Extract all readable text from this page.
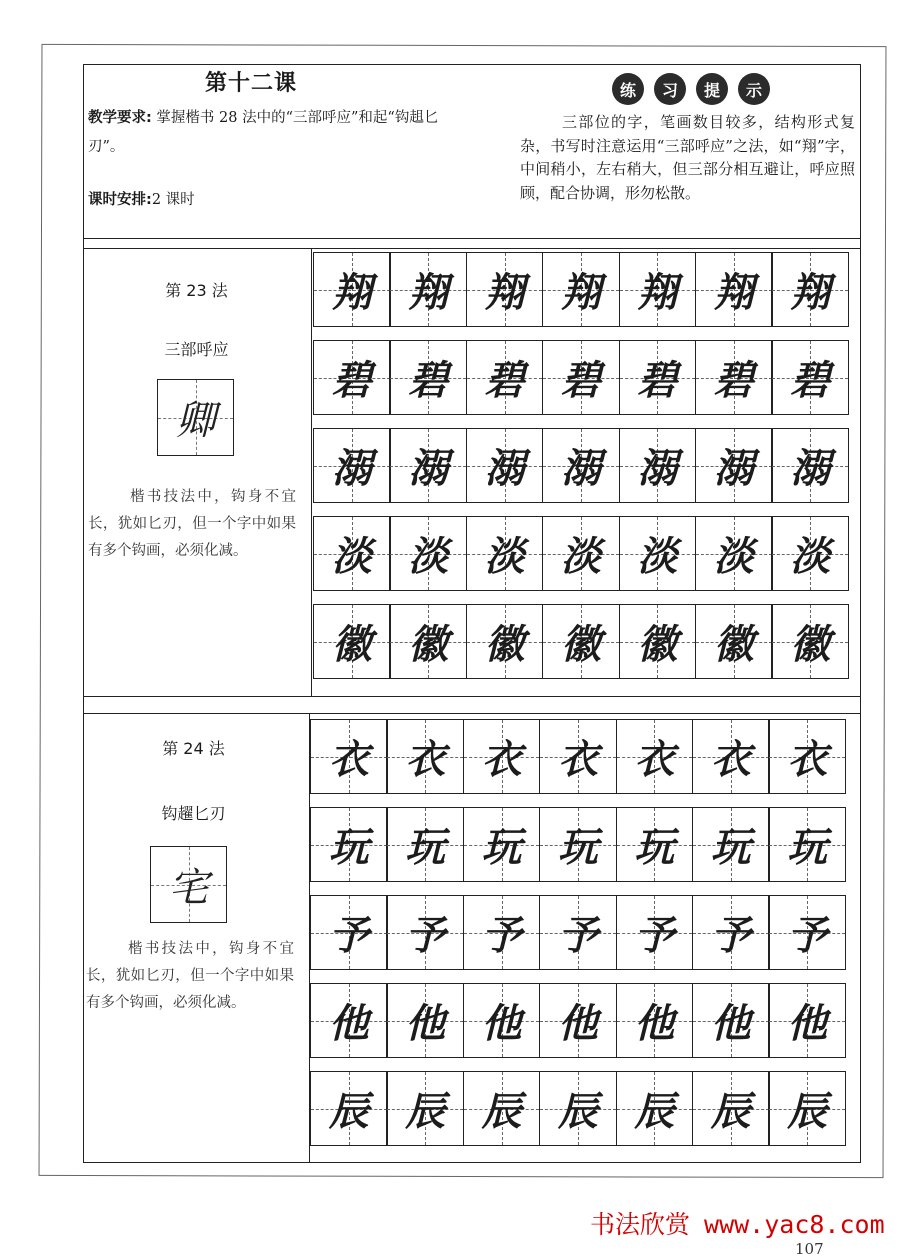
第十二课
教学要求: 掌握楷书 28 法中的“三部呼应”和起“钩趄匕刃”。
课时安排:2 课时
练	习	提	示
三部位的字，笔画数目较多，结构形式复杂，书写时注意运用“三部呼应”之法，如“翔”字，中间稍小，左右稍大，但三部分相互避让，呼应照顾，配合协调，形勿松散。
第 23 法
三部呼应
卿
楷书技法中，钩身不宜长，犹如匕刃，但一个字中如果有多个钩画，必须化减。
翔 翔 翔 翔 翔 翔 翔
碧 碧 碧 碧 碧 碧 碧
溺 溺 溺 溺 溺 溺 溺
淡 淡 淡 淡 淡 淡 淡
徽 徽 徽 徽 徽 徽 徽
第 24 法
钩趯匕刃
宅
楷书技法中，钩身不宜长，犹如匕刃，但一个字中如果有多个钩画，必须化减。
衣 衣 衣 衣 衣 衣 衣
玩 玩 玩 玩 玩 玩 玩
予 予 予 予 予 予 予
他 他 他 他 他 他 他
辰 辰 辰 辰 辰 辰 辰
书法欣赏 www.yac8.com
107
